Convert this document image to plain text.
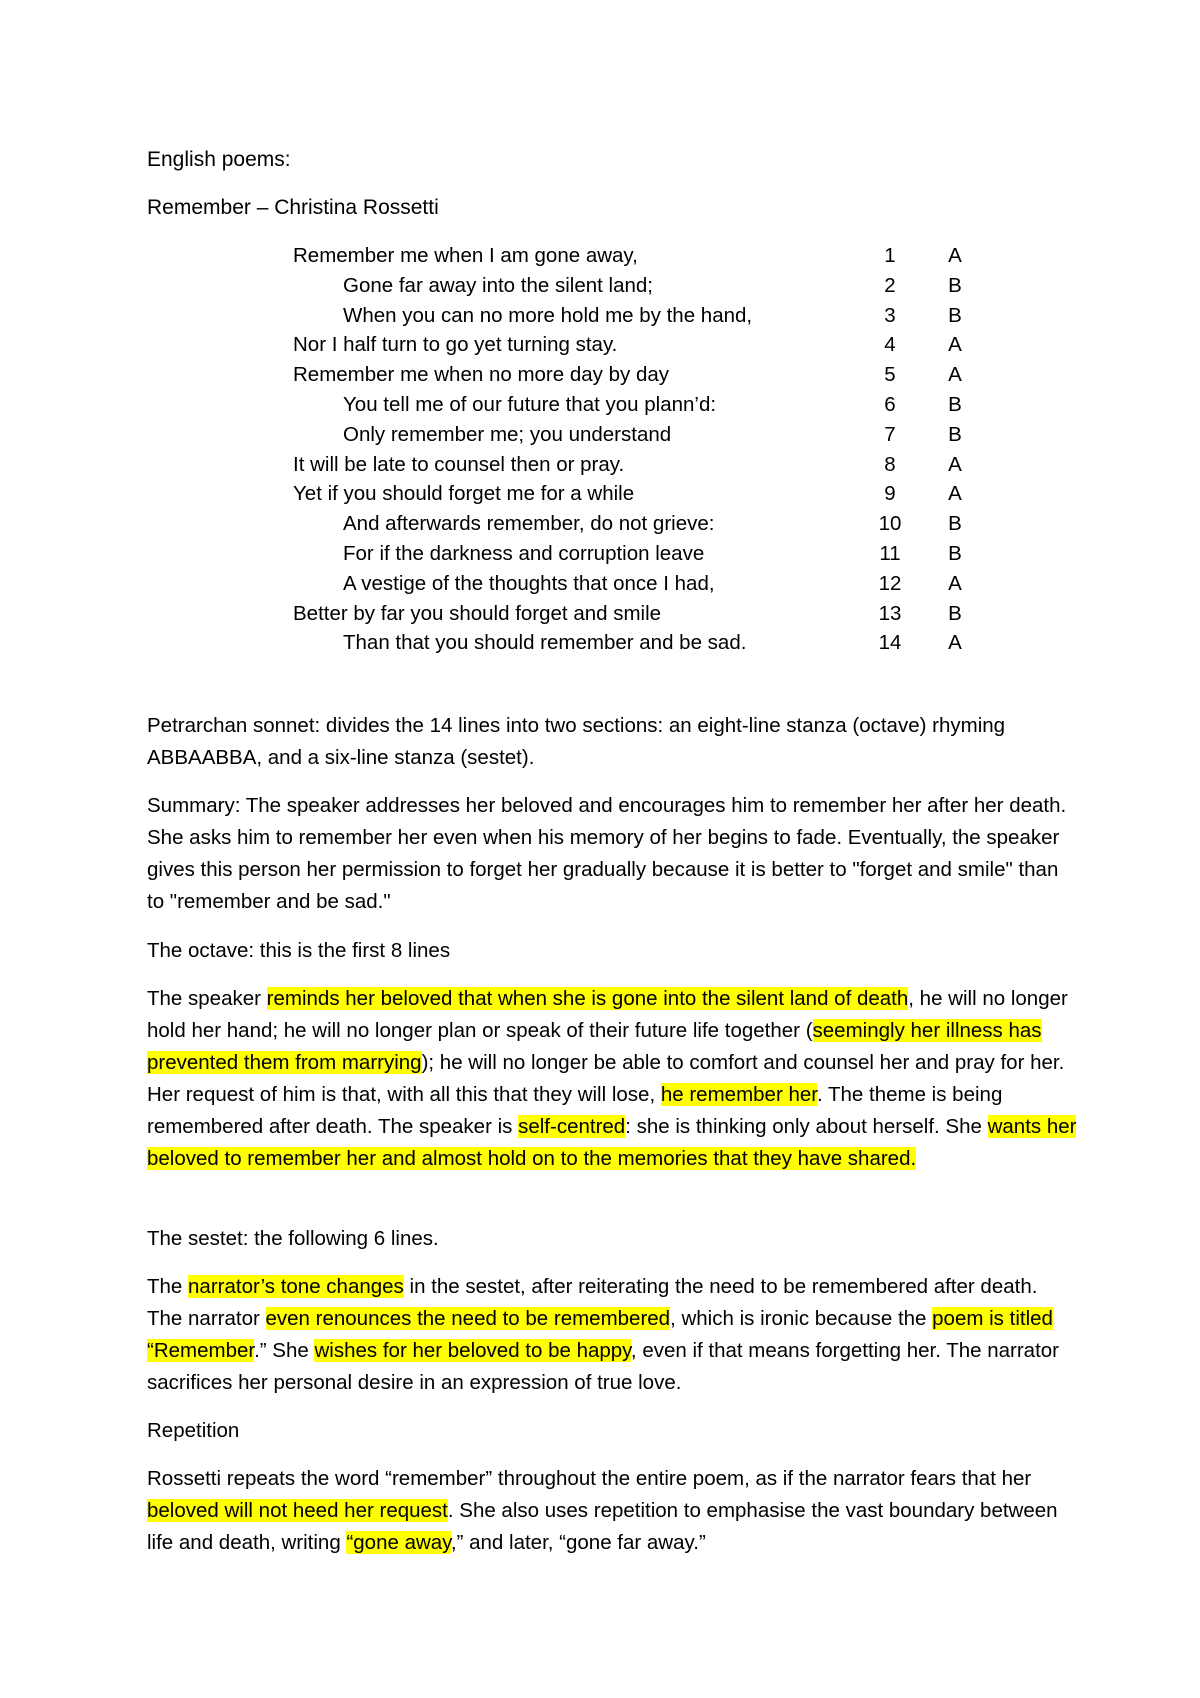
English poems:
Remember – Christina Rossetti
Remember me when I am gone away,	1	A
Gone far away into the silent land;	2	B
When you can no more hold me by the hand,	3	B
Nor I half turn to go yet turning stay.	4	A
Remember me when no more day by day	5	A
You tell me of our future that you plann’d:	6	B
Only remember me; you understand	7	B
It will be late to counsel then or pray.	8	A
Yet if you should forget me for a while	9	A
And afterwards remember, do not grieve:	10	B
For if the darkness and corruption leave	11	B
A vestige of the thoughts that once I had,	12	A
Better by far you should forget and smile	13	B
Than that you should remember and be sad.	14	A

Petrarchan sonnet: divides the 14 lines into two sections: an eight-line stanza (octave) rhyming ABBAABBA, and a six-line stanza (sestet).

Summary: The speaker addresses her beloved and encourages him to remember her after her death. She asks him to remember her even when his memory of her begins to fade. Eventually, the speaker gives this person her permission to forget her gradually because it is better to "forget and smile" than to "remember and be sad."

The octave: this is the first 8 lines

The speaker reminds her beloved that when she is gone into the silent land of death, he will no longer hold her hand; he will no longer plan or speak of their future life together (seemingly her illness has prevented them from marrying); he will no longer be able to comfort and counsel her and pray for her. Her request of him is that, with all this that they will lose, he remember her. The theme is being remembered after death. The speaker is self-centred: she is thinking only about herself. She wants her beloved to remember her and almost hold on to the memories that they have shared.

The sestet: the following 6 lines.

The narrator’s tone changes in the sestet, after reiterating the need to be remembered after death. The narrator even renounces the need to be remembered, which is ironic because the poem is titled “Remember.” She wishes for her beloved to be happy, even if that means forgetting her. The narrator sacrifices her personal desire in an expression of true love.

Repetition

Rossetti repeats the word “remember” throughout the entire poem, as if the narrator fears that her beloved will not heed her request. She also uses repetition to emphasise the vast boundary between life and death, writing “gone away,” and later, “gone far away.”
